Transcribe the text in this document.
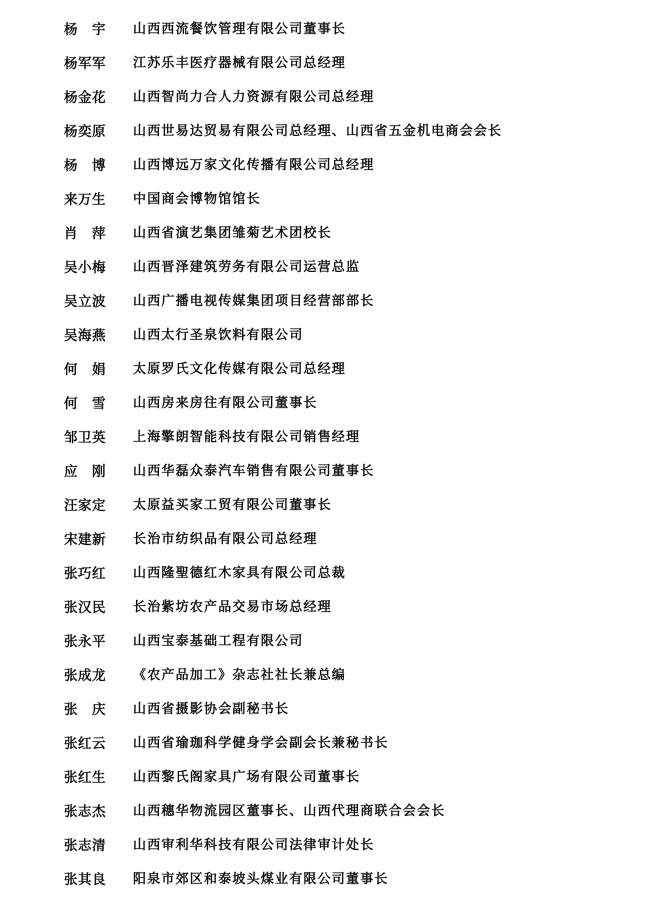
杨　宇	山西西流餐饮管理有限公司董事长
杨军军	江苏乐丰医疗器械有限公司总经理
杨金花	山西智尚力合人力资源有限公司总经理
杨奕原	山西世易达贸易有限公司总经理、山西省五金机电商会会长
杨　博	山西博远万家文化传播有限公司总经理
来万生	中国商会博物馆馆长
肖　萍	山西省演艺集团雏菊艺术团校长
吴小梅	山西晋泽建筑劳务有限公司运营总监
吴立波	山西广播电视传媒集团项目经营部部长
吴海燕	山西太行圣泉饮料有限公司
何　娟	太原罗氏文化传媒有限公司总经理
何　雪	山西房来房往有限公司董事长
邹卫英	上海擎朗智能科技有限公司销售经理
应　刚	山西华磊众泰汽车销售有限公司董事长
汪家定	太原益买家工贸有限公司董事长
宋建新	长治市纺织品有限公司总经理
张巧红	山西隆聖德红木家具有限公司总裁
张汉民	长治紫坊农产品交易市场总经理
张永平	山西宝泰基础工程有限公司
张成龙	《农产品加工》杂志社社长兼总编
张　庆	山西省摄影协会副秘书长
张红云	山西省瑜珈科学健身学会副会长兼秘书长
张红生	山西黎氏阁家具广场有限公司董事长
张志杰	山西穗华物流园区董事长、山西代理商联合会会长
张志清	山西审利华科技有限公司法律审计处长
张其良	阳泉市郊区和泰坡头煤业有限公司董事长
